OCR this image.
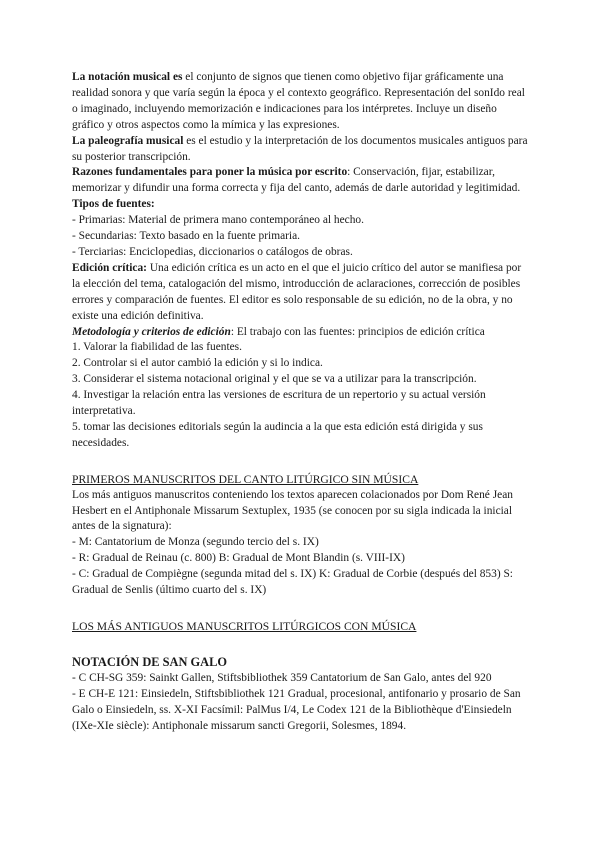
La notación musical es el conjunto de signos que tienen como objetivo fijar gráficamente una realidad sonora y que varía según la época y el contexto geográfico. Representación del sonIdo real o imaginado, incluyendo memorización e indicaciones para los intérpretes. Incluye un diseño gráfico y otros aspectos como la mímica y las expresiones.

La paleografía musical es el estudio y la interpretación de los documentos musicales antiguos para su posterior transcripción.

Razones fundamentales para poner la música por escrito: Conservación, fijar, estabilizar, memorizar y difundir una forma correcta y fija del canto, además de darle autoridad y legitimidad.

Tipos de fuentes:

- Primarias: Material de primera mano contemporáneo al hecho.

- Secundarias: Texto basado en la fuente primaria.

- Terciarias: Enciclopedias, diccionarios o catálogos de obras.

Edición crítica: Una edición crítica es un acto en el que el juicio crítico del autor se manifiesa por la elección del tema, catalogación del mismo, introducción de aclaraciones, corrección de posibles errores y comparación de fuentes. El editor es solo responsable de su edición, no de la obra, y no existe una edición definitiva.

Metodología y criterios de edición: El trabajo con las fuentes: principios de edición crítica

1. Valorar la fiabilidad de las fuentes.

2. Controlar si el autor cambió la edición y si lo indica.

3. Considerar el sistema notacional original y el que se va a utilizar para la transcripción.

4. Investigar la relación entra las versiones de escritura de un repertorio y su actual versión interpretativa.

5. tomar las decisiones editorials según la audincia a la que esta edición está dirigida y sus necesidades.

PRIMEROS MANUSCRITOS DEL CANTO LITÚRGICO SIN MÚSICA

Los más antiguos manuscritos conteniendo los textos aparecen colacionados por Dom René Jean Hesbert en el Antiphonale Missarum Sextuplex, 1935 (se conocen por su sigla indicada la inicial antes de la signatura):

- M: Cantatorium de Monza (segundo tercio del s. IX)

- R: Gradual de Reinau (c. 800) B: Gradual de Mont Blandin (s. VIII-IX)

- C: Gradual de Compiègne (segunda mitad del s. IX) K: Gradual de Corbie (después del 853) S: Gradual de Senlis (último cuarto del s. IX)

LOS MÁS ANTIGUOS MANUSCRITOS LITÚRGICOS CON MÚSICA

NOTACIÓN DE SAN GALO

- C CH-SG 359: Sainkt Gallen, Stiftsbibliothek 359 Cantatorium de San Galo, antes del 920

- E CH-E 121: Einsiedeln, Stiftsbibliothek 121 Gradual, procesional, antifonario y prosario de San

Galo o Einsiedeln, ss. X-XI Facsímil: PalMus I/4, Le Codex 121 de la Bibliothèque d'Einsiedeln (IXe-XIe siècle): Antiphonale missarum sancti Gregorii, Solesmes, 1894.
